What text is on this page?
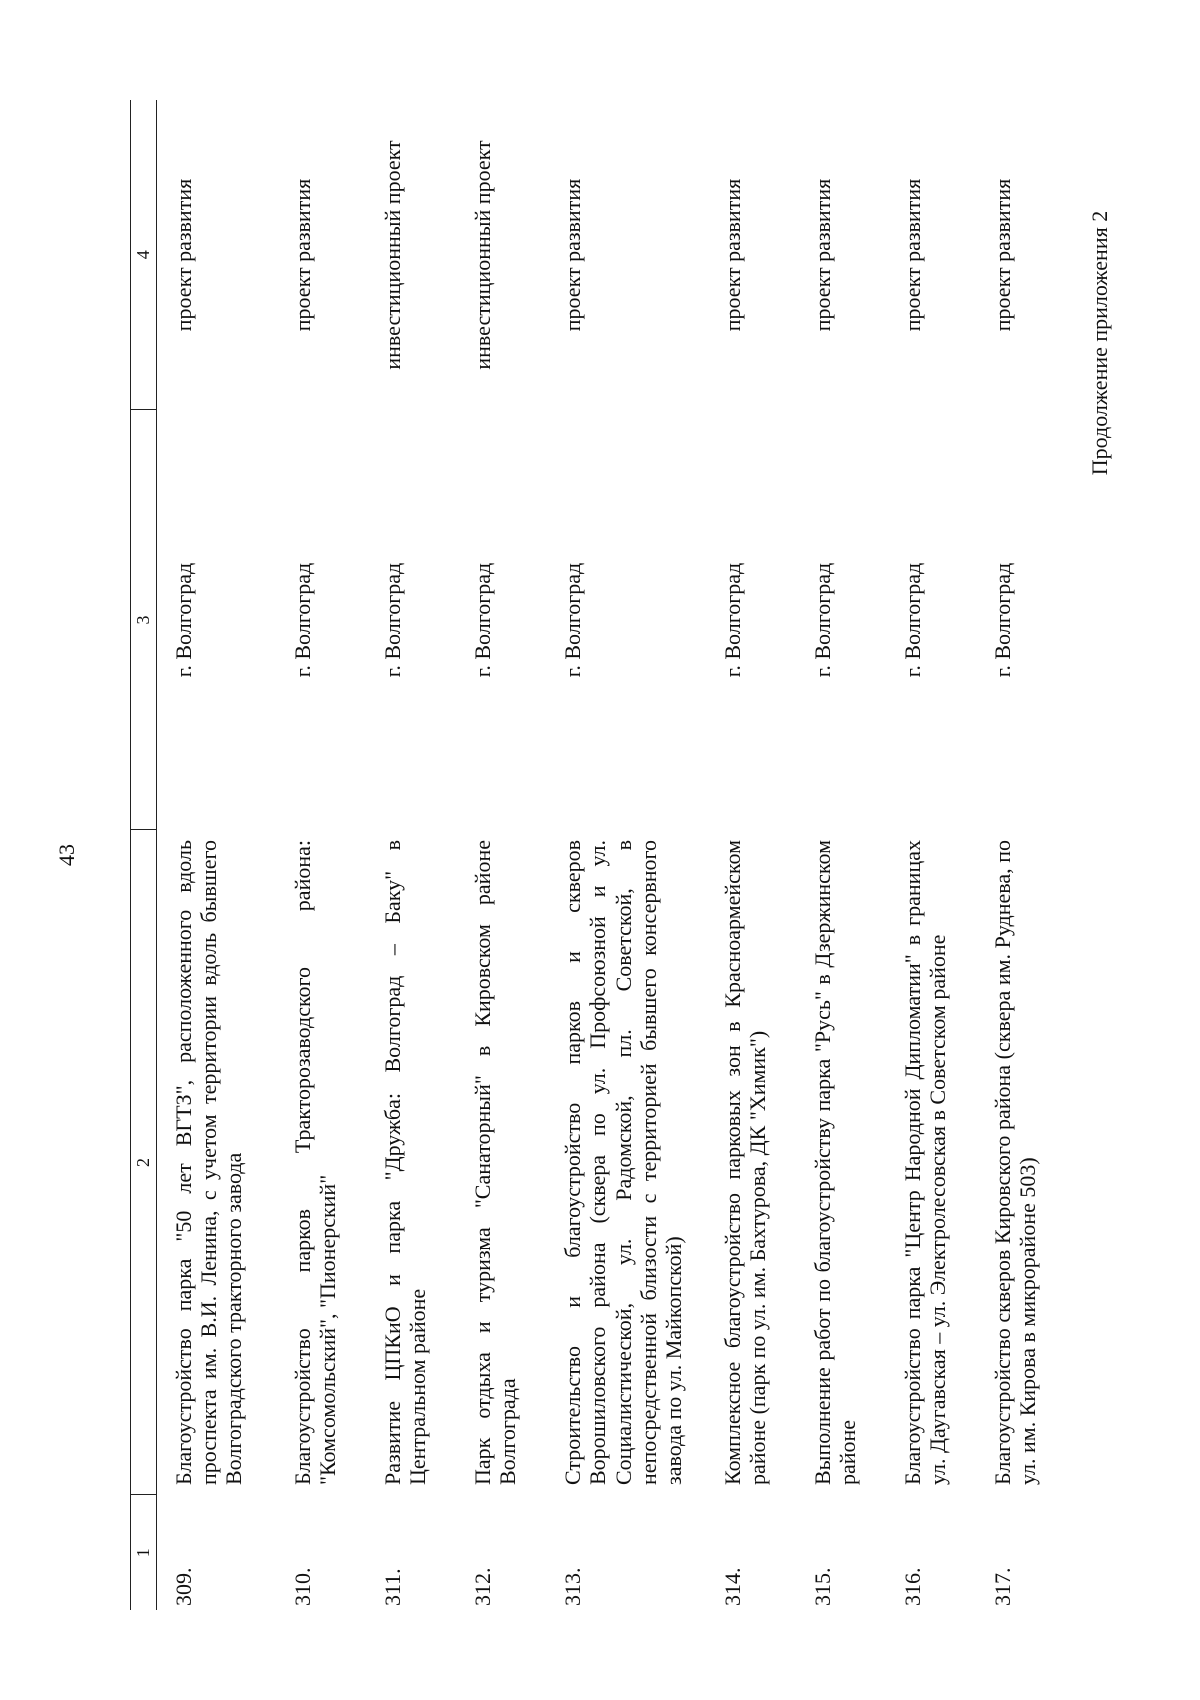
43
Продолжение приложения 2
1	2	3	4
309.	Благоустройство парка "50 лет ВГТЗ", расположенного вдоль проспекта им. В.И. Ленина, с учетом территории вдоль бывшего Волгоградского тракторного завода	г. Волгоград	проект развития
310.	Благоустройство парков Тракторозаводского района: "Комсомольский", "Пионерский"	г. Волгоград	проект развития
311.	Развитие ЦПКиО и парка "Дружба: Волгоград – Баку" в Центральном районе	г. Волгоград	инвестиционный проект
312.	Парк отдыха и туризма "Санаторный" в Кировском районе Волгограда	г. Волгоград	инвестиционный проект
313.	Строительство и благоустройство парков и скверов Ворошиловского района (сквера по ул. Профсоюзной и ул. Социалистической, ул. Радомской, пл. Советской, в непосредственной близости с территорией бывшего консервного завода по ул. Майкопской)	г. Волгоград	проект развития
314.	Комплексное благоустройство парковых зон в Красноармейском районе (парк по ул. им. Бахтурова, ДК "Химик")	г. Волгоград	проект развития
315.	Выполнение работ по благоустройству парка "Русь" в Дзержинском районе	г. Волгоград	проект развития
316.	Благоустройство парка "Центр Народной Дипломатии" в границах ул. Даугавская – ул. Электролесовская в Советском районе	г. Волгоград	проект развития
317.	Благоустройство скверов Кировского района (сквера им. Руднева, по ул. им. Кирова в микрорайоне 503)	г. Волгоград	проект развития
